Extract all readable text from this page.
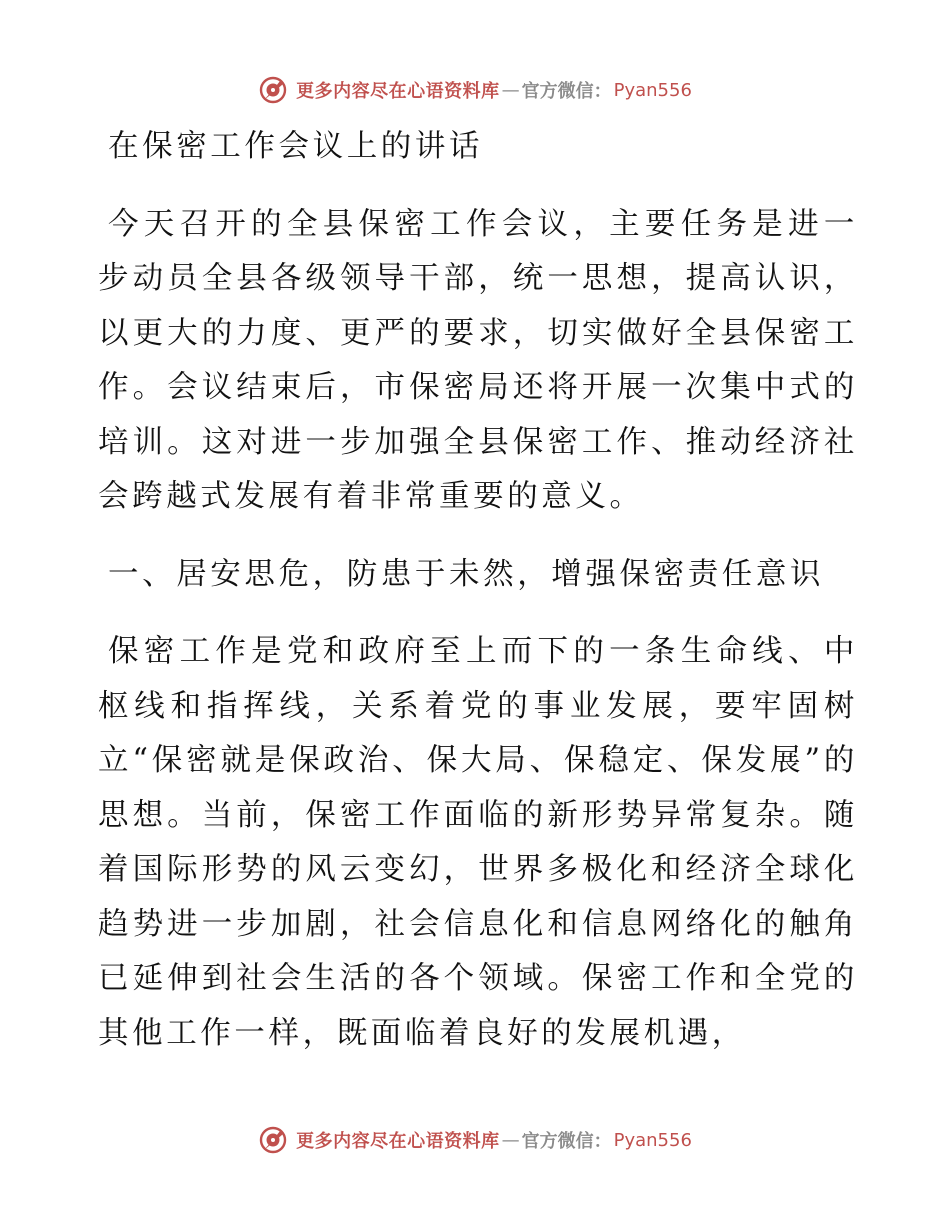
更多内容尽在心语资料库 — 官方微信： Pyan556

在保密工作会议上的讲话

今天召开的全县保密工作会议，主要任务是进一步动员全县各级领导干部，统一思想，提高认识，以更大的力度、更严的要求，切实做好全县保密工作。会议结束后，市保密局还将开展一次集中式的培训。这对进一步加强全县保密工作、推动经济社会跨越式发展有着非常重要的意义。

一、居安思危，防患于未然，增强保密责任意识

保密工作是党和政府至上而下的一条生命线、中枢线和指挥线，关系着党的事业发展，要牢固树立“保密就是保政治、保大局、保稳定、保发展”的思想。当前，保密工作面临的新形势异常复杂。随着国际形势的风云变幻，世界多极化和经济全球化趋势进一步加剧，社会信息化和信息网络化的触角已延伸到社会生活的各个领域。保密工作和全党的其他工作一样，既面临着良好的发展机遇，

更多内容尽在心语资料库 — 官方微信： Pyan556
